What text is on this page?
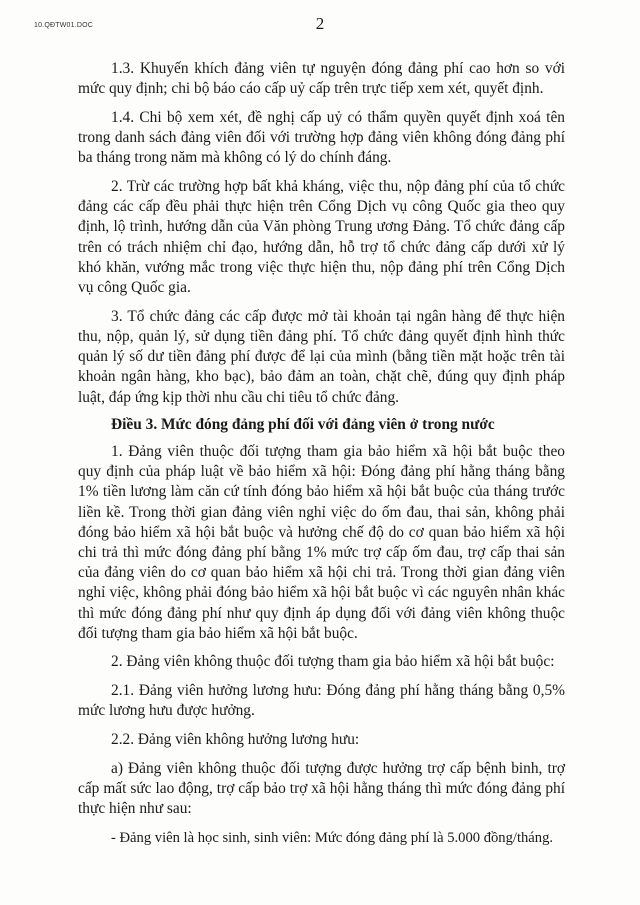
10.QĐTW01.DOC	2

1.3. Khuyến khích đảng viên tự nguyện đóng đảng phí cao hơn so với mức quy định; chi bộ báo cáo cấp uỷ cấp trên trực tiếp xem xét, quyết định.

1.4. Chi bộ xem xét, đề nghị cấp uỷ có thẩm quyền quyết định xoá tên trong danh sách đảng viên đối với trường hợp đảng viên không đóng đảng phí ba tháng trong năm mà không có lý do chính đáng.

2. Trừ các trường hợp bất khả kháng, việc thu, nộp đảng phí của tổ chức đảng các cấp đều phải thực hiện trên Cổng Dịch vụ công Quốc gia theo quy định, lộ trình, hướng dẫn của Văn phòng Trung ương Đảng. Tổ chức đảng cấp trên có trách nhiệm chỉ đạo, hướng dẫn, hỗ trợ tổ chức đảng cấp dưới xử lý khó khăn, vướng mắc trong việc thực hiện thu, nộp đảng phí trên Cổng Dịch vụ công Quốc gia.

3. Tổ chức đảng các cấp được mở tài khoản tại ngân hàng để thực hiện thu, nộp, quản lý, sử dụng tiền đảng phí. Tổ chức đảng quyết định hình thức quản lý số dư tiền đảng phí được để lại của mình (bằng tiền mặt hoặc trên tài khoản ngân hàng, kho bạc), bảo đảm an toàn, chặt chẽ, đúng quy định pháp luật, đáp ứng kịp thời nhu cầu chi tiêu tổ chức đảng.

Điều 3. Mức đóng đảng phí đối với đảng viên ở trong nước

1. Đảng viên thuộc đối tượng tham gia bảo hiểm xã hội bắt buộc theo quy định của pháp luật về bảo hiểm xã hội: Đóng đảng phí hằng tháng bằng 1% tiền lương làm căn cứ tính đóng bảo hiểm xã hội bắt buộc của tháng trước liền kề. Trong thời gian đảng viên nghỉ việc do ốm đau, thai sản, không phải đóng bảo hiểm xã hội bắt buộc và hưởng chế độ do cơ quan bảo hiểm xã hội chi trả thì mức đóng đảng phí bằng 1% mức trợ cấp ốm đau, trợ cấp thai sản của đảng viên do cơ quan bảo hiểm xã hội chi trả. Trong thời gian đảng viên nghỉ việc, không phải đóng bảo hiểm xã hội bắt buộc vì các nguyên nhân khác thì mức đóng đảng phí như quy định áp dụng đối với đảng viên không thuộc đối tượng tham gia bảo hiểm xã hội bắt buộc.

2. Đảng viên không thuộc đối tượng tham gia bảo hiểm xã hội bắt buộc:

2.1. Đảng viên hưởng lương hưu: Đóng đảng phí hằng tháng bằng 0,5% mức lương hưu được hưởng.

2.2. Đảng viên không hưởng lương hưu:

a) Đảng viên không thuộc đối tượng được hưởng trợ cấp bệnh binh, trợ cấp mất sức lao động, trợ cấp bảo trợ xã hội hằng tháng thì mức đóng đảng phí thực hiện như sau:

- Đảng viên là học sinh, sinh viên: Mức đóng đảng phí là 5.000 đồng/tháng.
